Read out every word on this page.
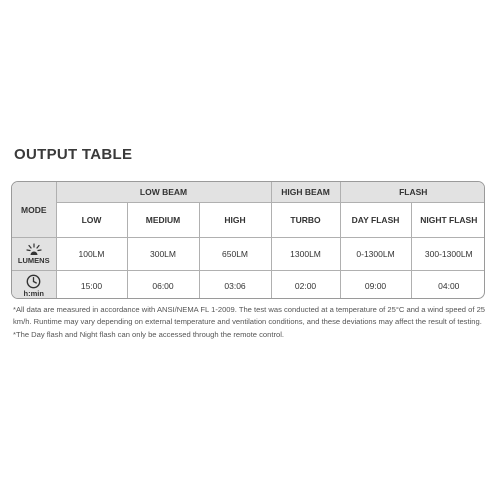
OUTPUT TABLE
MODE	LOW BEAM			HIGH BEAM	FLASH	
	LOW	MEDIUM	HIGH	TURBO	DAY FLASH	NIGHT FLASH

LUMENS	100LM	300LM	650LM	1300LM	0-1300LM	300-1300LM

h:min	15:00	06:00	03:06	02:00	09:00	04:00

*All data are measured in accordance with ANSI/NEMA FL 1-2009. The test was conducted at a temperature of 25°C and a wind speed of 25 km/h. Runtime may vary depending on external temperature and ventilation conditions, and these deviations may affect the result of testing.

*The Day flash and Night flash can only be accessed through the remote control.
